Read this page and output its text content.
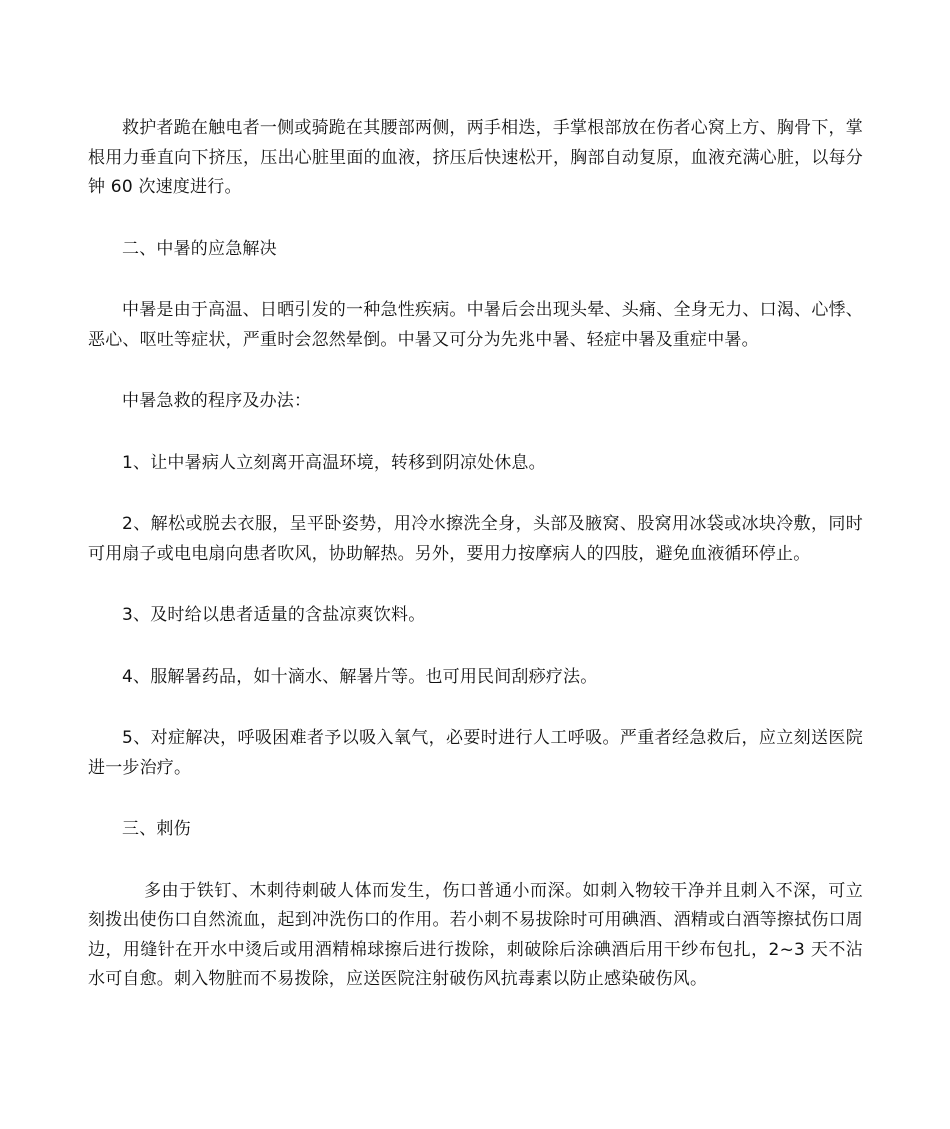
救护者跪在触电者一侧或骑跪在其腰部两侧，两手相迭，手掌根部放在伤者心窝上方、胸骨下，掌根用力垂直向下挤压，压出心脏里面的血液，挤压后快速松开，胸部自动复原，血液充满心脏，以每分钟 60 次速度进行。

二、中暑的应急解决

中暑是由于高温、日晒引发的一种急性疾病。中暑后会出现头晕、头痛、全身无力、口渴、心悸、恶心、呕吐等症状，严重时会忽然晕倒。中暑又可分为先兆中暑、轻症中暑及重症中暑。

中暑急救的程序及办法：

1、让中暑病人立刻离开高温环境，转移到阴凉处休息。

2、解松或脱去衣服，呈平卧姿势，用冷水擦洗全身，头部及腋窝、股窝用冰袋或冰块冷敷，同时可用扇子或电电扇向患者吹风，协助解热。另外，要用力按摩病人的四肢，避免血液循环停止。

3、及时给以患者适量的含盐凉爽饮料。

4、服解暑药品，如十滴水、解暑片等。也可用民间刮痧疗法。

5、对症解决，呼吸困难者予以吸入氧气，必要时进行人工呼吸。严重者经急救后，应立刻送医院进一步治疗。

三、刺伤

多由于铁钉、木刺待刺破人体而发生，伤口普通小而深。如刺入物较干净并且刺入不深，可立刻拨出使伤口自然流血，起到冲洗伤口的作用。若小刺不易拔除时可用碘酒、酒精或白酒等擦拭伤口周边，用缝针在开水中烫后或用酒精棉球擦后进行拨除，刺破除后涂碘酒后用干纱布包扎，2~3 天不沾水可自愈。刺入物脏而不易拨除，应送医院注射破伤风抗毒素以防止感染破伤风。
